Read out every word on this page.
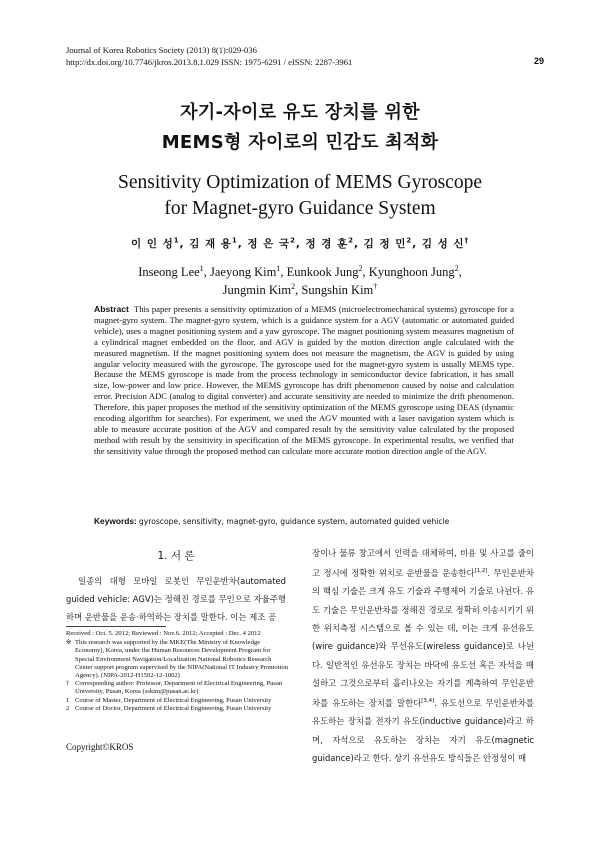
Journal of Korea Robotics Society (2013) 8(1):029-036
http://dx.doi.org/10.7746/jkros.2013.8.1.029 ISSN: 1975-6291 / eISSN: 2287-3961	29
자기-자이로 유도 장치를 위한
MEMS형 자이로의 민감도 최적화
Sensitivity Optimization of MEMS Gyroscope
for Magnet-gyro Guidance System
이 인 성$^1$, 김 재 용$^1$, 정 은 국$^2$, 정 경 훈$^2$, 김 정 민$^2$, 김 성 신†
Inseong Lee$^1$, Jaeyong Kim$^1$, Eunkook Jung$^2$, Kyunghoon Jung$^2$,
Jungmin Kim$^2$, Sungshin Kim†
Abstract This paper presents a sensitivity optimization of a MEMS (microelectromechanical systems) gyroscope for a magnet-gyro system. The magnet-gyro system, which is a guidance system for a AGV (automatic or automated guided vehicle), uses a magnet positioning system and a yaw gyroscope. The magnet positioning system measures magnetism of a cylindrical magnet embedded on the floor, and AGV is guided by the motion direction angle calculated with the measured magnetism. If the magnet positioning system does not measure the magnetism, the AGV is guided by using angular velocity measured with the gyroscope. The gyroscope used for the magnet-gyro system is usually MEMS type. Because the MEMS gyroscope is made from the process technology in semiconductor device fabrication, it has small size, low-power and low price. However, the MEMS gyroscope has drift phenomenon caused by noise and calculation error. Precision ADC (analog to digital converter) and accurate sensitivity are needed to minimize the drift phenomenon. Therefore, this paper proposes the method of the sensitivity optimization of the MEMS gyroscope using DEAS (dynamic encoding algorithm for searches). For experiment, we used the AGV mounted with a laser navigation system which is able to measure accurate position of the AGV and compared result by the sensitivity value calculated by the proposed method with result by the sensitivity in specification of the MEMS gyroscope. In experimental results, we verified that the sensitivity value through the proposed method can calculate more accurate motion direction angle of the AGV.
Keywords: gyroscope, sensitivity, magnet-gyro, guidance system, automated guided vehicle
1. 서 론

일종의 대형 모바일 로봇인 무인운반차(automated guided vehicle: AGV)는 정해진 경로를 무인으로 자율주행하며 운반물을 운송·하역하는 장치를 말한다. 이는 제조 공

Received : Oct. 5. 2012; Reviewed : Nov.6. 2012; Accepted : Dec. 4 2012
※ This research was supported by the MKE(The Ministry of Knowledge Economy), Korea, under the Human Resources Development Program for Special Environment Navigation/Localization National Robotics Research Center support program supervised by the NIPA(National IT Industry Promotion Agency). (NIPA-2012-H1502-12-1002)
† Corresponding author: Professor, Department of Electrical Engineering, Pusan University, Pusan, Korea (sskim@pusan.ac.kr)
1 Course of Master, Department of Electrical Engineering, Pusan University
2 Course of Doctor, Department of Electrical Engineering, Pusan University
Copyright©KROS

장이나 물류 창고에서 인력을 대체하여, 비용 및 사고를 줄이고 정시에 정확한 위치로 운반물을 운송한다[1,2]. 무인운반차의 핵심 기술은 크게 유도 기술과 주행제어 기술로 나뉜다. 유도 기술은 무인운반차를 정해진 경로로 정확히 이송시키기 위한 위치측정 시스템으로 볼 수 있는 데, 이는 크게 유선유도(wire guidance)와 무선유도(wireless guidance)로 나뉜다. 일반적인 유선유도 장치는 바닥에 유도선 혹은 자석을 매설하고 그것으로부터 흘러나오는 자기를 계측하여 무인운반차를 유도하는 장치를 말한다[3,4]. 유도선으로 무인운반차를 유도하는 장치를 전자기 유도(inductive guidance)라고 하며, 자석으로 유도하는 장치는 자기 유도(magnetic guidance)라고 한다. 상기 유선유도 방식들은 안정성이 매
